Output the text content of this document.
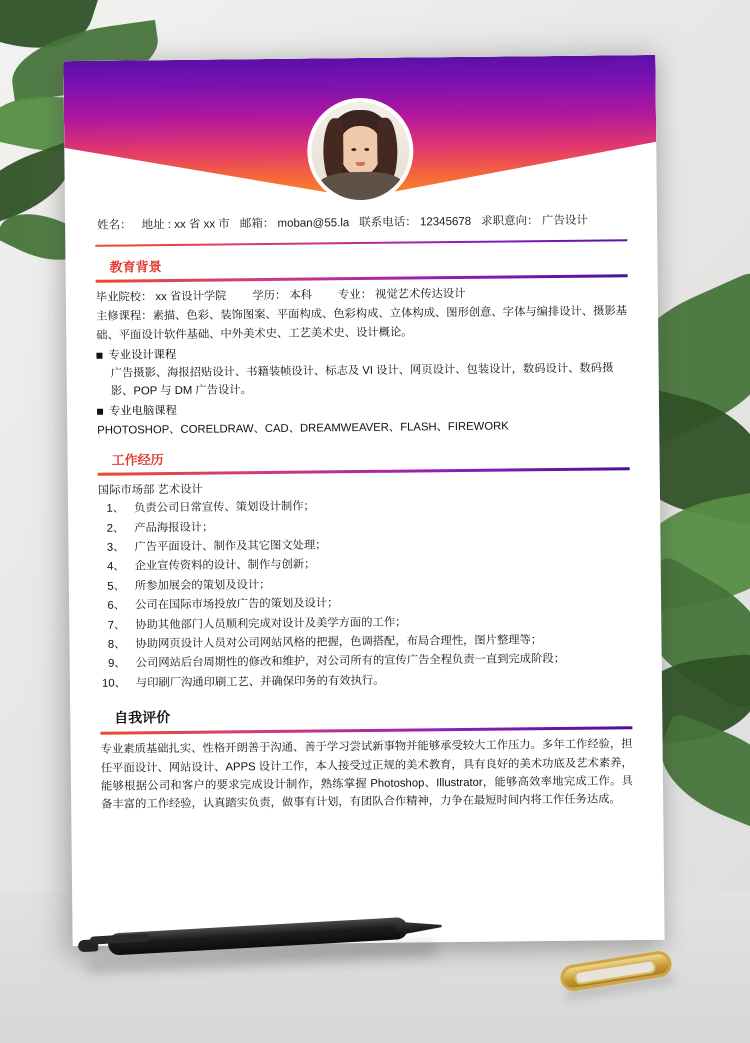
姓名： 地址 : xx 省 xx 市 邮箱： moban@55.la 联系电话： 12345678 求职意向： 广告设计
教育背景
毕业院校： xx 省设计学院 学历： 本科 专业： 视觉艺术传达设计
主修课程：素描、色彩、装饰图案、平面构成、色彩构成、立体构成、图形创意、字体与编排设计、摄影基础、平面设计软件基础、中外美术史、工艺美术史、设计概论。
专业设计课程
广告摄影、海报招贴设计、书籍装帧设计、标志及 VI 设计、网页设计、包装设计，数码设计、数码摄影、POP 与 DM 广告设计。
专业电脑课程
PHOTOSHOP、CORELDRAW、CAD、DREAMWEAVER、FLASH、FIREWORK
工作经历
国际市场部 艺术设计
1、 负责公司日常宣传、策划设计制作；
2、 产品海报设计；
3、 广告平面设计、制作及其它图文处理；
4、 企业宣传资料的设计、制作与创新；
5、 所参加展会的策划及设计；
6、 公司在国际市场投放广告的策划及设计；
7、 协助其他部门人员顺利完成对设计及美学方面的工作；
8、 协助网页设计人员对公司网站风格的把握，色调搭配，布局合理性，图片整理等；
9、 公司网站后台周期性的修改和维护，对公司所有的宣传广告全程负责一直到完成阶段；
10、 与印刷厂沟通印刷工艺、并确保印务的有效执行。
自我评价
专业素质基础扎实、性格开朗善于沟通、善于学习尝试新事物并能够承受较大工作压力。多年工作经验，担任平面设计、网站设计、APPS 设计工作，本人接受过正规的美术教育，具有良好的美术功底及艺术素养，能够根据公司和客户的要求完成设计制作，熟练掌握 Photoshop、Illustrator，能够高效率地完成工作。具备丰富的工作经验，认真踏实负责，做事有计划，有团队合作精神，力争在最短时间内将工作任务达成。
